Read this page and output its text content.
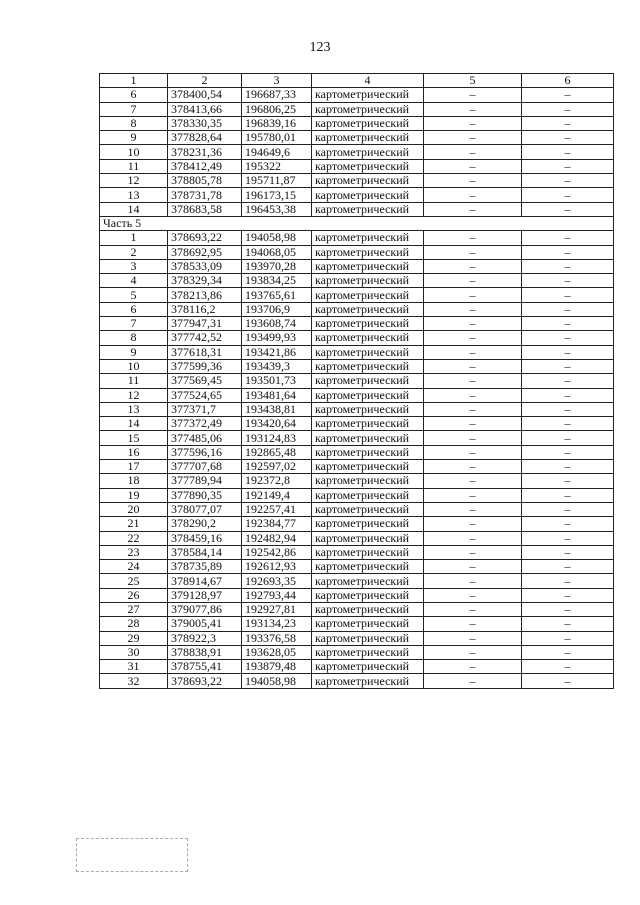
123
1	2	3	4	5	6
6	378400,54	196687,33	картометрический	–	–
7	378413,66	196806,25	картометрический	–	–
8	378330,35	196839,16	картометрический	–	–
9	377828,64	195780,01	картометрический	–	–
10	378231,36	194649,6	картометрический	–	–
11	378412,49	195322	картометрический	–	–
12	378805,78	195711,87	картометрический	–	–
13	378731,78	196173,15	картометрический	–	–
14	378683,58	196453,38	картометрический	–	–
Часть 5					
1	378693,22	194058,98	картометрический	–	–
2	378692,95	194068,05	картометрический	–	–
3	378533,09	193970,28	картометрический	–	–
4	378329,34	193834,25	картометрический	–	–
5	378213,86	193765,61	картометрический	–	–
6	378116,2	193706,9	картометрический	–	–
7	377947,31	193608,74	картометрический	–	–
8	377742,52	193499,93	картометрический	–	–
9	377618,31	193421,86	картометрический	–	–
10	377599,36	193439,3	картометрический	–	–
11	377569,45	193501,73	картометрический	–	–
12	377524,65	193481,64	картометрический	–	–
13	377371,7	193438,81	картометрический	–	–
14	377372,49	193420,64	картометрический	–	–
15	377485,06	193124,83	картометрический	–	–
16	377596,16	192865,48	картометрический	–	–
17	377707,68	192597,02	картометрический	–	–
18	377789,94	192372,8	картометрический	–	–
19	377890,35	192149,4	картометрический	–	–
20	378077,07	192257,41	картометрический	–	–
21	378290,2	192384,77	картометрический	–	–
22	378459,16	192482,94	картометрический	–	–
23	378584,14	192542,86	картометрический	–	–
24	378735,89	192612,93	картометрический	–	–
25	378914,67	192693,35	картометрический	–	–
26	379128,97	192793,44	картометрический	–	–
27	379077,86	192927,81	картометрический	–	–
28	379005,41	193134,23	картометрический	–	–
29	378922,3	193376,58	картометрический	–	–
30	378838,91	193628,05	картометрический	–	–
31	378755,41	193879,48	картометрический	–	–
32	378693,22	194058,98	картометрический	–	–
